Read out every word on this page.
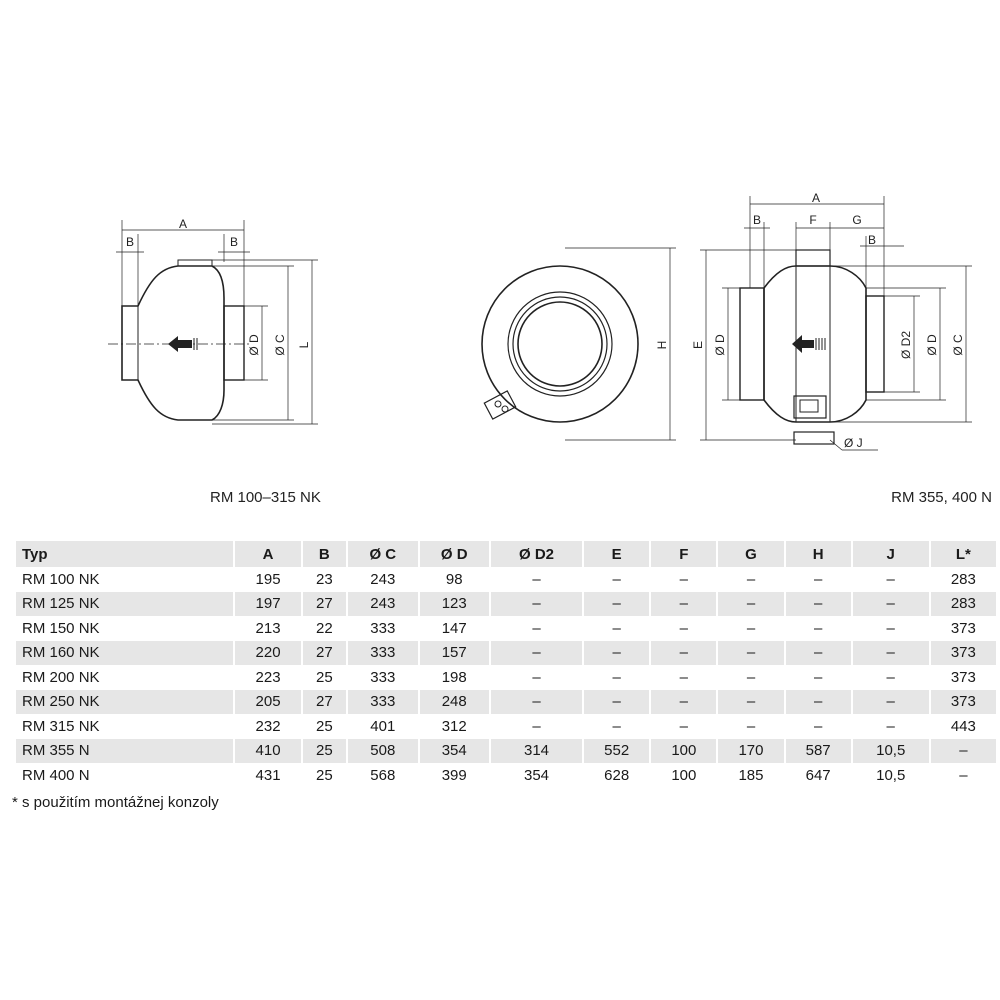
A
B	B
Ø D Ø C L	H E Ø D
A
B	F	G
B
Ø D2 Ø D Ø C
Ø J
RM 100–315 NK	RM 355, 400 N
Typ	A	B	Ø C	Ø D	Ø D2	E	F	G	H	J	L*
RM 100 NK	195	23	243	98	–	–	–	–	–	–	283
RM 125 NK	197	27	243	123	–	–	–	–	–	–	283
RM 150 NK	213	22	333	147	–	–	–	–	–	–	373
RM 160 NK	220	27	333	157	–	–	–	–	–	–	373
RM 200 NK	223	25	333	198	–	–	–	–	–	–	373
RM 250 NK	205	27	333	248	–	–	–	–	–	–	373
RM 315 NK	232	25	401	312	–	–	–	–	–	–	443
RM 355 N	410	25	508	354	314	552	100	170	587	10,5	–
RM 400 N	431	25	568	399	354	628	100	185	647	10,5	–
* s použitím montážnej konzoly
